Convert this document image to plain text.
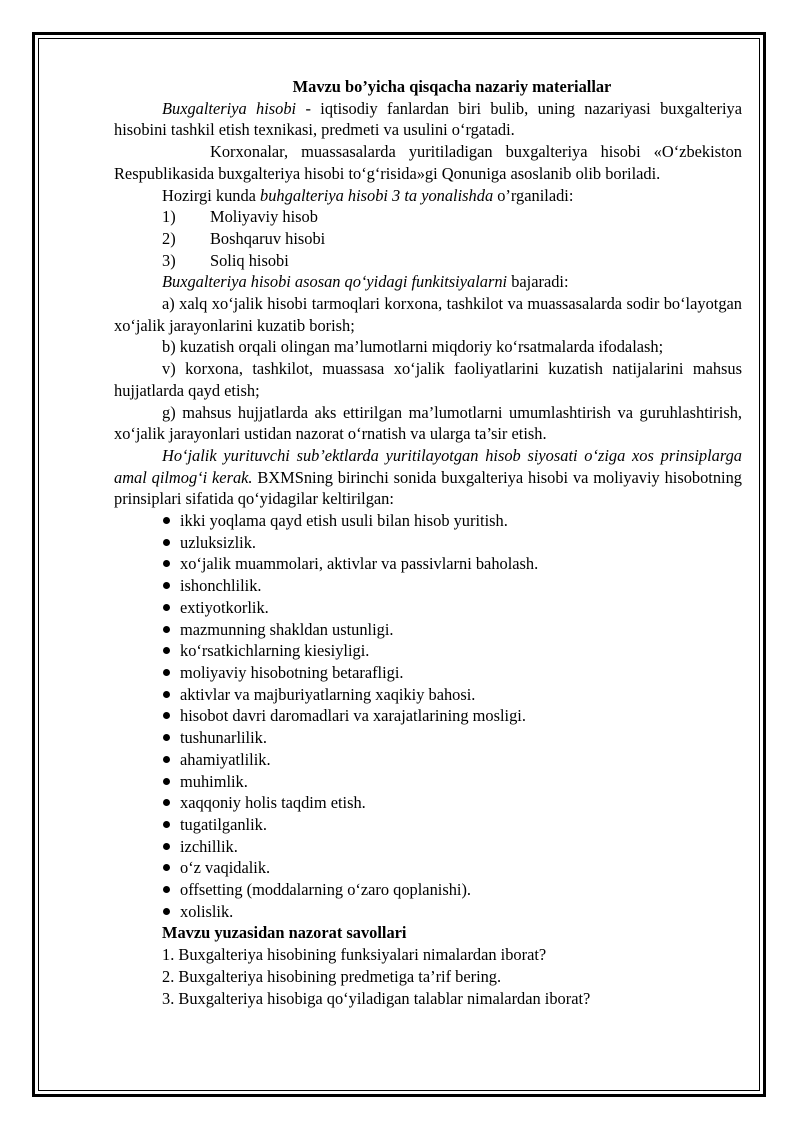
Mavzu bo’yicha qisqacha nazariy materiallar
Buxgalteriya hisobi - iqtisodiy fanlardan biri bulib, uning nazariyasi buxgalteriya hisobini tashkil etish texnikasi, predmeti va usulini o‘rgatadi.
Korxonalar, muassasalarda yuritiladigan buxgalteriya hisobi «O‘zbekiston Respublikasida buxgalteriya hisobi to‘g‘risida»gi Qonuniga asoslanib olib boriladi.
Hozirgi kunda buhgalteriya hisobi 3 ta yonalishda o’rganiladi:
1) Moliyaviy hisob
2) Boshqaruv hisobi
3) Soliq hisobi
Buxgalteriya hisobi asosan qo‘yidagi funkitsiyalarni bajaradi:
a) xalq xo‘jalik hisobi tarmoqlari korxona, tashkilot va muassasalarda sodir bo‘layotgan xo‘jalik jarayonlarini kuzatib borish;
b) kuzatish orqali olingan ma’lumotlarni miqdoriy ko‘rsatmalarda ifodalash;
v) korxona, tashkilot, muassasa xo‘jalik faoliyatlarini kuzatish natijalarini mahsus hujjatlarda qayd etish;
g) mahsus hujjatlarda aks ettirilgan ma’lumotlarni umumlashtirish va guruhlashtirish, xo‘jalik jarayonlari ustidan nazorat o‘rnatish va ularga ta’sir etish.
Ho‘jalik yurituvchi sub’ektlarda yuritilayotgan hisob siyosati o‘ziga xos prinsiplarga amal qilmog‘i kerak. BXMSning birinchi sonida buxgalteriya hisobi va moliyaviy hisobotning prinsiplari sifatida qo‘yidagilar keltirilgan:
ikki yoqlama qayd etish usuli bilan hisob yuritish.
uzluksizlik.
xo‘jalik muammolari, aktivlar va passivlarni baholash.
ishonchlilik.
extiyotkorlik.
mazmunning shakldan ustunligi.
ko‘rsatkichlarning kiesiyligi.
moliyaviy hisobotning betarafligi.
aktivlar va majburiyatlarning xaqikiy bahosi.
hisobot davri daromadlari va xarajatlarining mosligi.
tushunarlilik.
ahamiyatlilik.
muhimlik.
xaqqoniy holis taqdim etish.
tugatilganlik.
izchillik.
o‘z vaqidalik.
offsetting (moddalarning o‘zaro qoplanishi).
xolislik.
Mavzu yuzasidan nazorat savollari
1. Buxgalteriya hisobining funksiyalari nimalardan iborat?
2. Buxgalteriya hisobining predmetiga ta’rif bering.
3. Buxgalteriya hisobiga qo‘yiladigan talablar nimalardan iborat?
